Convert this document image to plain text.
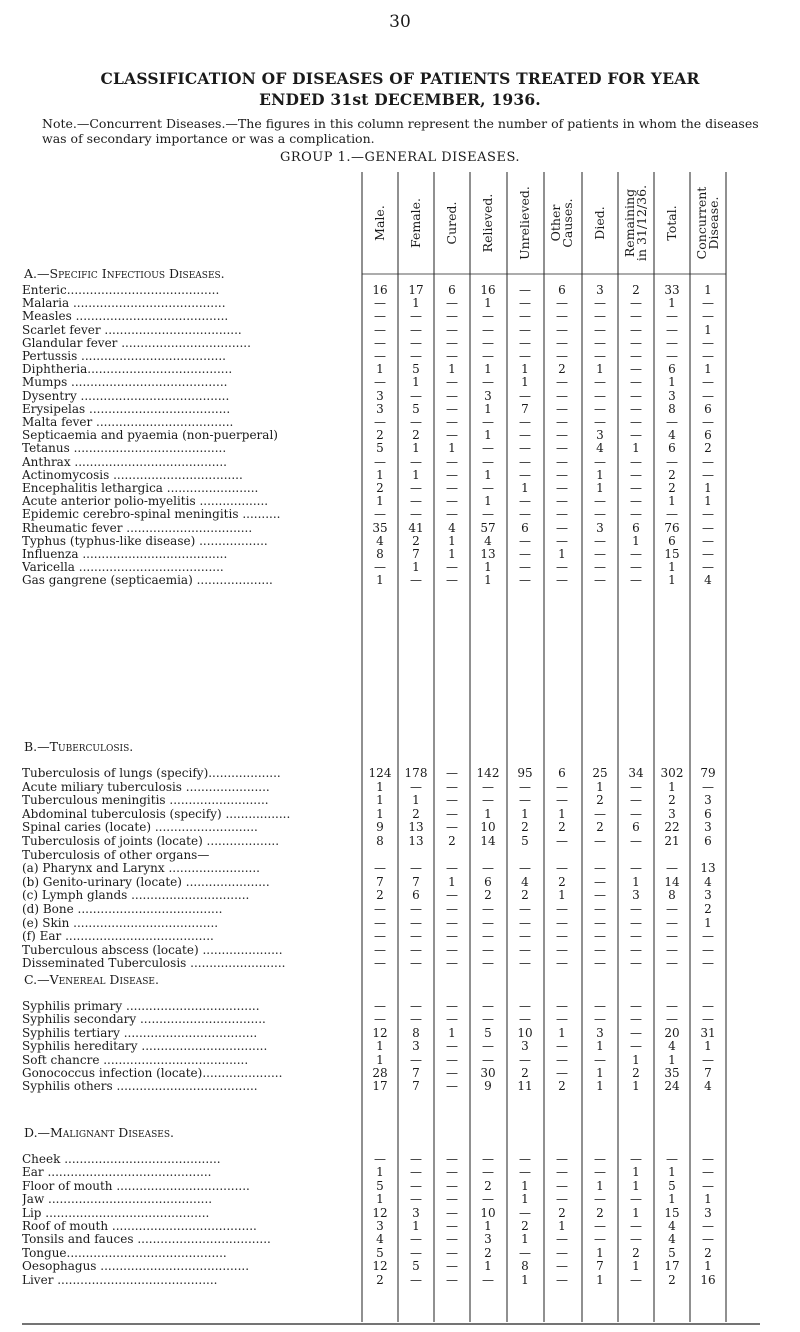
30
CLASSIFICATION OF DISEASES OF PATIENTS TREATED FOR YEAR
ENDED 31st DECEMBER, 1936.
Note.—Concurrent Diseases.—The figures in this column represent the number of patients in whom the diseases was of secondary importance or was a complication.
GROUP 1.—GENERAL DISEASES.
Male. Female. Cured. Relieved. Unrelieved. Other
Causes. Died. Remaining
in 31/12/36. Total. Concurrent
Disease.
A.—Specific Infectious Diseases.
Enteric........................................	16	17	6	16	—	6	3	2	33	1
Malaria ........................................	—	1	—	1	—	—	—	—	1	—
Measles ........................................	—	—	—	—	—	—	—	—	—	—
Scarlet fever ....................................	—	—	—	—	—	—	—	—	—	1
Glandular fever ..................................	—	—	—	—	—	—	—	—	—	—
Pertussis ......................................	—	—	—	—	—	—	—	—	—	—
Diphtheria......................................	1	5	1	1	1	2	1	—	6	1
Mumps .........................................	—	1	—	—	1	—	—	—	1	—
Dysentry .......................................	3	—	—	3	—	—	—	—	3	—
Erysipelas .....................................	3	5	—	1	7	—	—	—	8	6
Malta fever ....................................	—	—	—	—	—	—	—	—	—	—
Septicaemia and pyaemia (non-puerperal)	2	2	—	1	—	—	3	—	4	6
Tetanus ........................................	5	1	1	—	—	—	4	1	6	2
Anthrax ........................................	—	—	—	—	—	—	—	—	—	—
Actinomycosis ..................................	1	1	—	1	—	—	1	—	2	—
Encephalitis lethargica ........................	2	—	—	—	1	—	1	—	2	1
Acute anterior polio-myelitis ..................	1	—	—	1	—	—	—	—	1	1
Epidemic cerebro-spinal meningitis ..........	—	—	—	—	—	—	—	—	—	—
Rheumatic fever .................................	35	41	4	57	6	—	3	6	76	—
Typhus (typhus-like disease) ..................	4	2	1	4	—	—	—	1	6	—
Influenza ......................................	8	7	1	13	—	1	—	—	15	—
Varicella ......................................	—	1	—	1	—	—	—	—	1	—
Gas gangrene (septicaemia) ....................	1	—	—	1	—	—	—	—	1	4
B.—Tuberculosis.
Tuberculosis of lungs (specify)...................	124	178	—	142	95	6	25	34	302	79
Acute miliary tuberculosis ......................	1	—	—	—	—	—	1	—	1	—
Tuberculous meningitis ..........................	1	1	—	—	—	—	2	—	2	3
Abdominal tuberculosis (specify) .................	1	2	—	1	1	1	—	—	3	6
Spinal caries (locate) ...........................	9	13	—	10	2	2	2	6	22	3
Tuberculosis of joints (locate) ...................	8	13	2	14	5	—	—	—	21	6
Tuberculosis of other organs—
(a) Pharynx and Larynx ........................	—	—	—	—	—	—	—	—	—	13
(b) Genito-urinary (locate) ......................	7	7	1	6	4	2	—	1	14	4
(c) Lymph glands ...............................	2	6	—	2	2	1	—	3	8	3
(d) Bone ......................................	—	—	—	—	—	—	—	—	—	2
(e) Skin ......................................	—	—	—	—	—	—	—	—	—	1
(f) Ear .......................................	—	—	—	—	—	—	—	—	—	—
Tuberculous abscess (locate) .....................	—	—	—	—	—	—	—	—	—	—
Disseminated Tuberculosis .........................	—	—	—	—	—	—	—	—	—	—
C.—Venereal Disease.
Syphilis primary ...................................	—	—	—	—	—	—	—	—	—	—
Syphilis secondary .................................	—	—	—	—	—	—	—	—	—	—
Syphilis tertiary ...................................	12	8	1	5	10	1	3	—	20	31
Syphilis hereditary .................................	1	3	—	—	3	—	1	—	4	1
Soft chancre ......................................	1	—	—	—	—	—	—	1	1	—
Gonococcus infection (locate).....................	28	7	—	30	2	—	1	2	35	7
Syphilis others .....................................	17	7	—	9	11	2	1	1	24	4
D.—Malignant Diseases.
Cheek .........................................	—	—	—	—	—	—	—	—	—	—
Ear ...........................................	1	—	—	—	—	—	—	1	1	—
Floor of mouth ...................................	5	—	—	2	1	—	1	1	5	—
Jaw ...........................................	1	—	—	—	1	—	—	—	1	1
Lip ...........................................	12	3	—	10	—	2	2	1	15	3
Roof of mouth ......................................	3	1	—	1	2	1	—	—	4	—
Tonsils and fauces ...................................	4	—	—	3	1	—	—	—	4	—
Tongue..........................................	5	—	—	2	—	—	1	2	5	2
Oesophagus .......................................	12	5	—	1	8	—	7	1	17	1
Liver ..........................................	2	—	—	—	1	—	1	—	2	16
